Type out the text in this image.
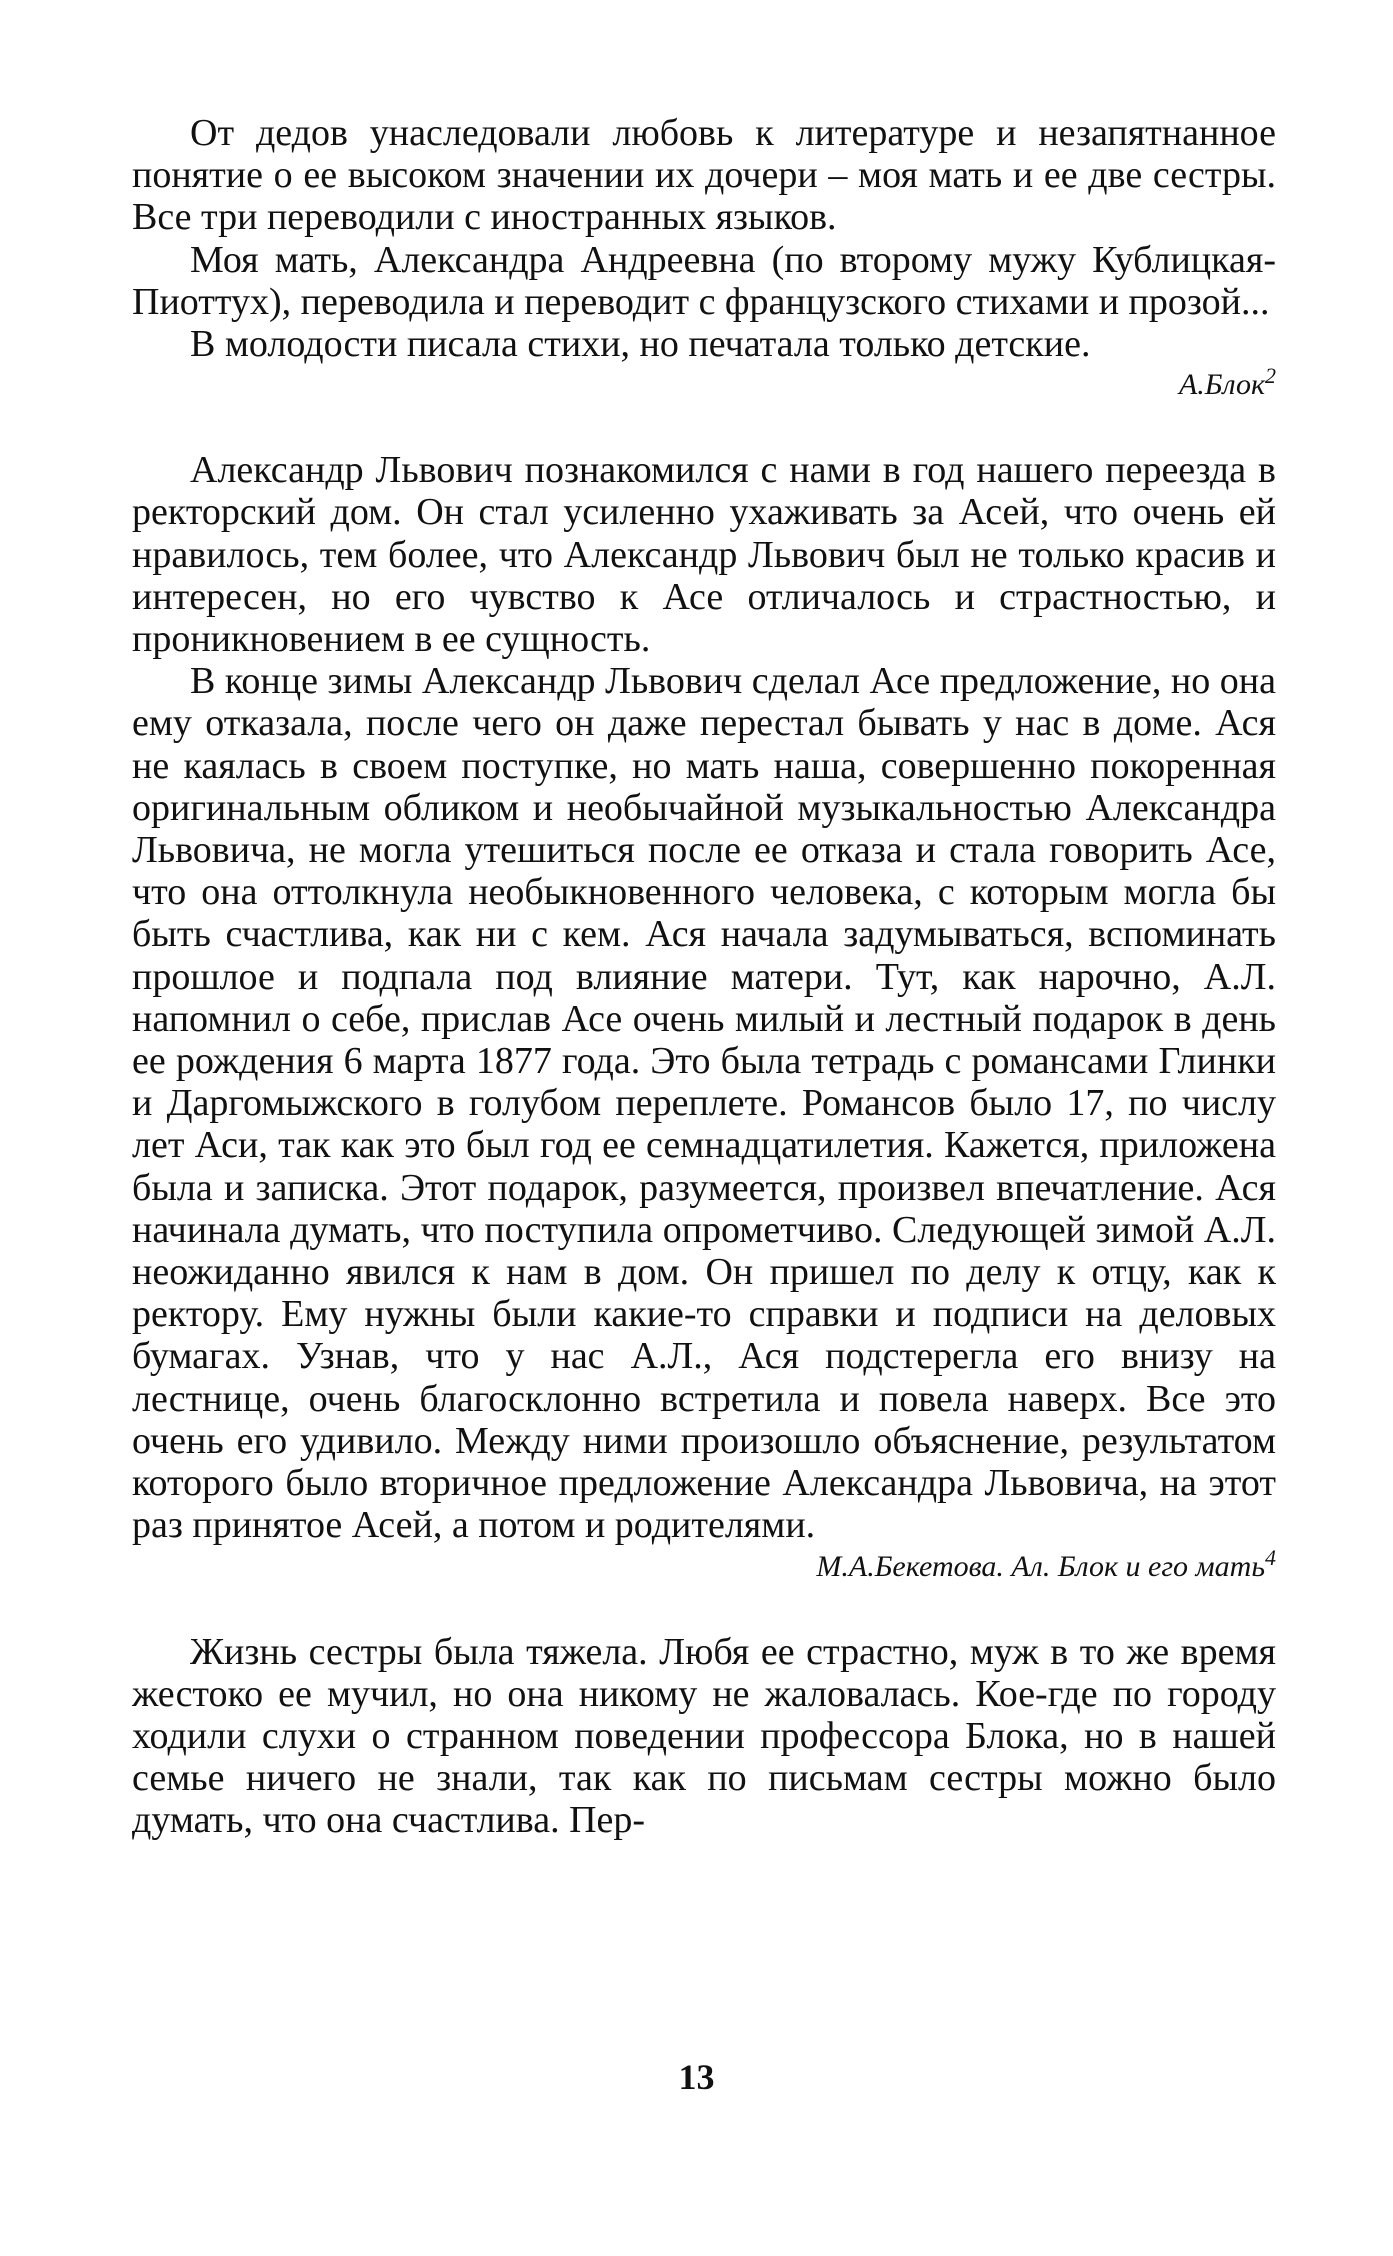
От дедов унаследовали любовь к литературе и незапятнанное понятие о ее высоком значении их дочери – моя мать и ее две сестры. Все три переводили с иностранных языков.

Моя мать, Александра Андреевна (по второму мужу Кублицкая-Пиоттух), переводила и переводит с французского стихами и прозой...

В молодости писала стихи, но печатала только детские.

А.Блок$^2$

Александр Львович познакомился с нами в год нашего переезда в ректорский дом. Он стал усиленно ухаживать за Асей, что очень ей нравилось, тем более, что Александр Львович был не только красив и интересен, но его чувство к Асе отличалось и страстностью, и проникновением в ее сущность.

В конце зимы Александр Львович сделал Асе предложение, но она ему отказала, после чего он даже перестал бывать у нас в доме. Ася не каялась в своем поступке, но мать наша, совершенно покоренная оригинальным обликом и необычайной музыкальностью Александра Львовича, не могла утешиться после ее отказа и стала говорить Асе, что она оттолкнула необыкновенного человека, с которым могла бы быть счастлива, как ни с кем. Ася начала задумываться, вспоминать прошлое и подпала под влияние матери. Тут, как нарочно, А.Л. напомнил о себе, прислав Асе очень милый и лестный подарок в день ее рождения 6 марта 1877 года. Это была тетрадь с романсами Глинки и Даргомыжского в голубом переплете. Романсов было 17, по числу лет Аси, так как это был год ее семнадцатилетия. Кажется, приложена была и записка. Этот подарок, разумеется, произвел впечатление. Ася начинала думать, что поступила опрометчиво. Следующей зимой А.Л. неожиданно явился к нам в дом. Он пришел по делу к отцу, как к ректору. Ему нужны были какие-то справки и подписи на деловых бумагах. Узнав, что у нас А.Л., Ася подстерегла его внизу на лестнице, очень благосклонно встретила и повела наверх. Все это очень его удивило. Между ними произошло объяснение, результатом которого было вторичное предложение Александра Львовича, на этот раз принятое Асей, а потом и родителями.

М.А.Бекетова. Ал. Блок и его мать$^4$

Жизнь сестры была тяжела. Любя ее страстно, муж в то же время жестоко ее мучил, но она никому не жаловалась. Кое-где по городу ходили слухи о странном поведении профессора Блока, но в нашей семье ничего не знали, так как по письмам сестры можно было думать, что она счастлива. Пер-

13
